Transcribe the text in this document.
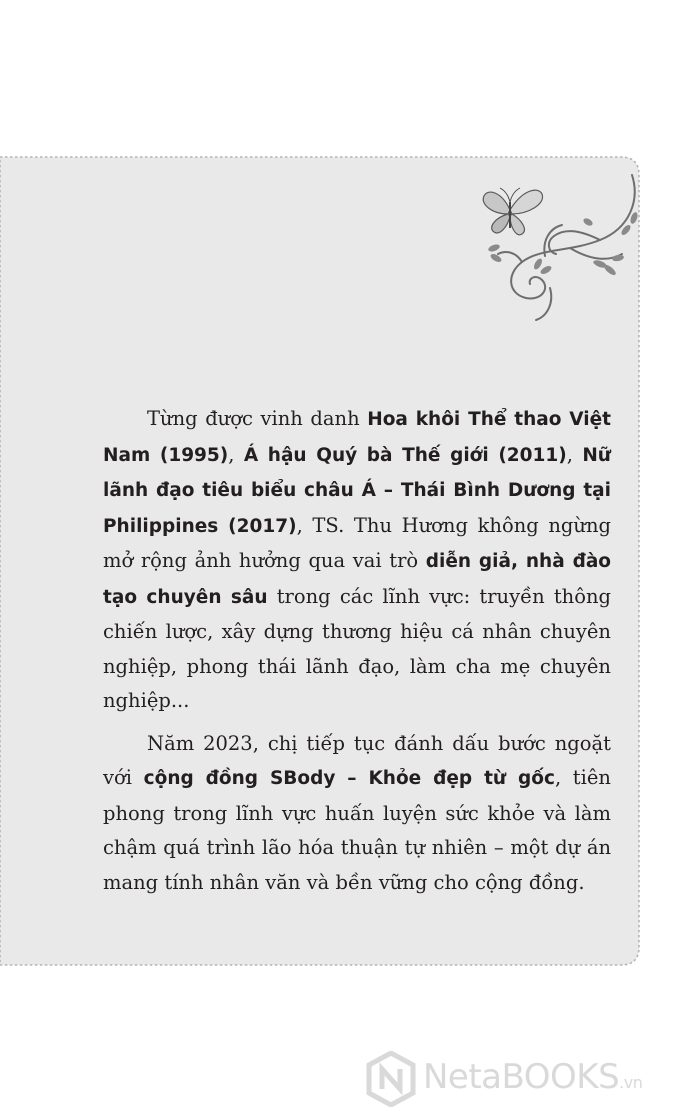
Từng được vinh danh Hoa khôi Thể thao Việt Nam (1995), Á hậu Quý bà Thế giới (2011), Nữ lãnh đạo tiêu biểu châu Á – Thái Bình Dương tại Philippines (2017), TS. Thu Hương không ngừng mở rộng ảnh hưởng qua vai trò diễn giả, nhà đào tạo chuyên sâu trong các lĩnh vực: truyền thông chiến lược, xây dựng thương hiệu cá nhân chuyên nghiệp, phong thái lãnh đạo, làm cha mẹ chuyên nghiệp...

Năm 2023, chị tiếp tục đánh dấu bước ngoặt với cộng đồng SBody – Khỏe đẹp từ gốc, tiên phong trong lĩnh vực huấn luyện sức khỏe và làm chậm quá trình lão hóa thuận tự nhiên – một dự án mang tính nhân văn và bền vững cho cộng đồng.

NetaBOOKS.vn
